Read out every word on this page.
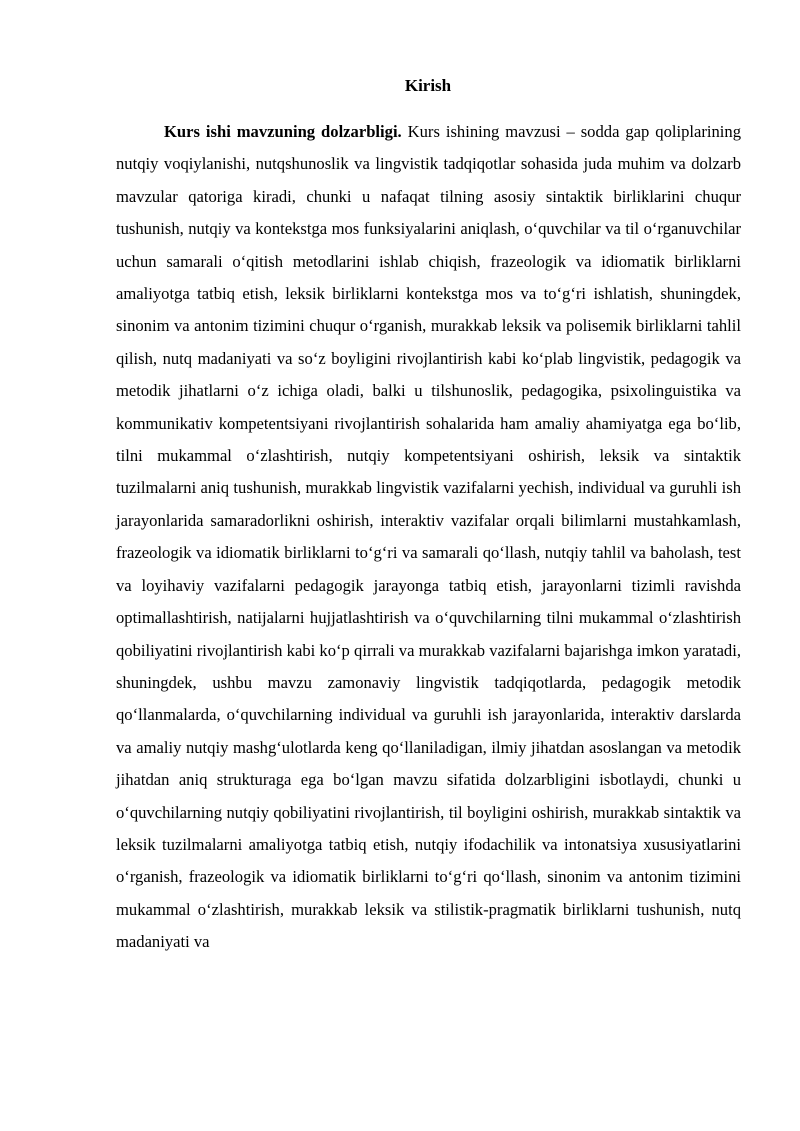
Kirish

Kurs ishi mavzuning dolzarbligi. Kurs ishining mavzusi – sodda gap qoliplarining nutqiy voqiylanishi, nutqshunoslik va lingvistik tadqiqotlar sohasida juda muhim va dolzarb mavzular qatoriga kiradi, chunki u nafaqat tilning asosiy sintaktik birliklarini chuqur tushunish, nutqiy va kontekstga mos funksiyalarini aniqlash, o‘quvchilar va til o‘rganuvchilar uchun samarali o‘qitish metodlarini ishlab chiqish, frazeologik va idiomatik birliklarni amaliyotga tatbiq etish, leksik birliklarni kontekstga mos va to‘g‘ri ishlatish, shuningdek, sinonim va antonim tizimini chuqur o‘rganish, murakkab leksik va polisemik birliklarni tahlil qilish, nutq madaniyati va so‘z boyligini rivojlantirish kabi ko‘plab lingvistik, pedagogik va metodik jihatlarni o‘z ichiga oladi, balki u tilshunoslik, pedagogika, psixolinguistika va kommunikativ kompetentsiyani rivojlantirish sohalarida ham amaliy ahamiyatga ega bo‘lib, tilni mukammal o‘zlashtirish, nutqiy kompetentsiyani oshirish, leksik va sintaktik tuzilmalarni aniq tushunish, murakkab lingvistik vazifalarni yechish, individual va guruhli ish jarayonlarida samaradorlikni oshirish, interaktiv vazifalar orqali bilimlarni mustahkamlash, frazeologik va idiomatik birliklarni to‘g‘ri va samarali qo‘llash, nutqiy tahlil va baholash, test va loyihaviy vazifalarni pedagogik jarayonga tatbiq etish, jarayonlarni tizimli ravishda optimallashtirish, natijalarni hujjatlashtirish va o‘quvchilarning tilni mukammal o‘zlashtirish qobiliyatini rivojlantirish kabi ko‘p qirrali va murakkab vazifalarni bajarishga imkon yaratadi, shuningdek, ushbu mavzu zamonaviy lingvistik tadqiqotlarda, pedagogik metodik qo‘llanmalarda, o‘quvchilarning individual va guruhli ish jarayonlarida, interaktiv darslarda va amaliy nutqiy mashg‘ulotlarda keng qo‘llaniladigan, ilmiy jihatdan asoslangan va metodik jihatdan aniq strukturaga ega bo‘lgan mavzu sifatida dolzarbligini isbotlaydi, chunki u o‘quvchilarning nutqiy qobiliyatini rivojlantirish, til boyligini oshirish, murakkab sintaktik va leksik tuzilmalarni amaliyotga tatbiq etish, nutqiy ifodachilik va intonatsiya xususiyatlarini o‘rganish, frazeologik va idiomatik birliklarni to‘g‘ri qo‘llash, sinonim va antonim tizimini mukammal o‘zlashtirish, murakkab leksik va stilistik-pragmatik birliklarni tushunish, nutq madaniyati va
